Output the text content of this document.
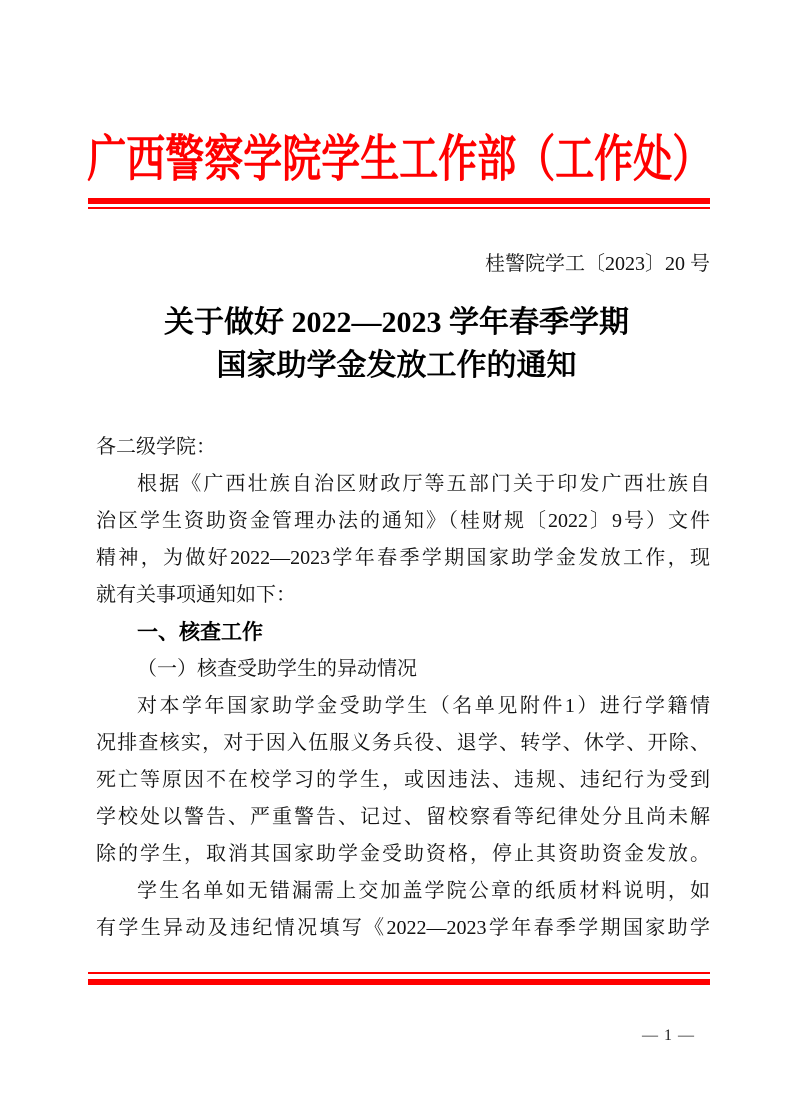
广西警察学院学生工作部（工作处）
桂警院学工〔2023〕20 号
关于做好 2022—2023 学年春季学期
国家助学金发放工作的通知
各二级学院：
根据《广西壮族自治区财政厅等五部门关于印发广西壮族自
治区学生资助资金管理办法的通知》（桂财规〔2022〕9号）文件
精神，为做好2022—2023学年春季学期国家助学金发放工作，现
就有关事项通知如下：
一、核查工作
（一）核查受助学生的异动情况
对本学年国家助学金受助学生（名单见附件1）进行学籍情
况排查核实，对于因入伍服义务兵役、退学、转学、休学、开除、
死亡等原因不在校学习的学生，或因违法、违规、违纪行为受到
学校处以警告、严重警告、记过、留校察看等纪律处分且尚未解
除的学生，取消其国家助学金受助资格，停止其资助资金发放。
学生名单如无错漏需上交加盖学院公章的纸质材料说明，如
有学生异动及违纪情况填写《2022—2023学年春季学期国家助学
— 1 —
